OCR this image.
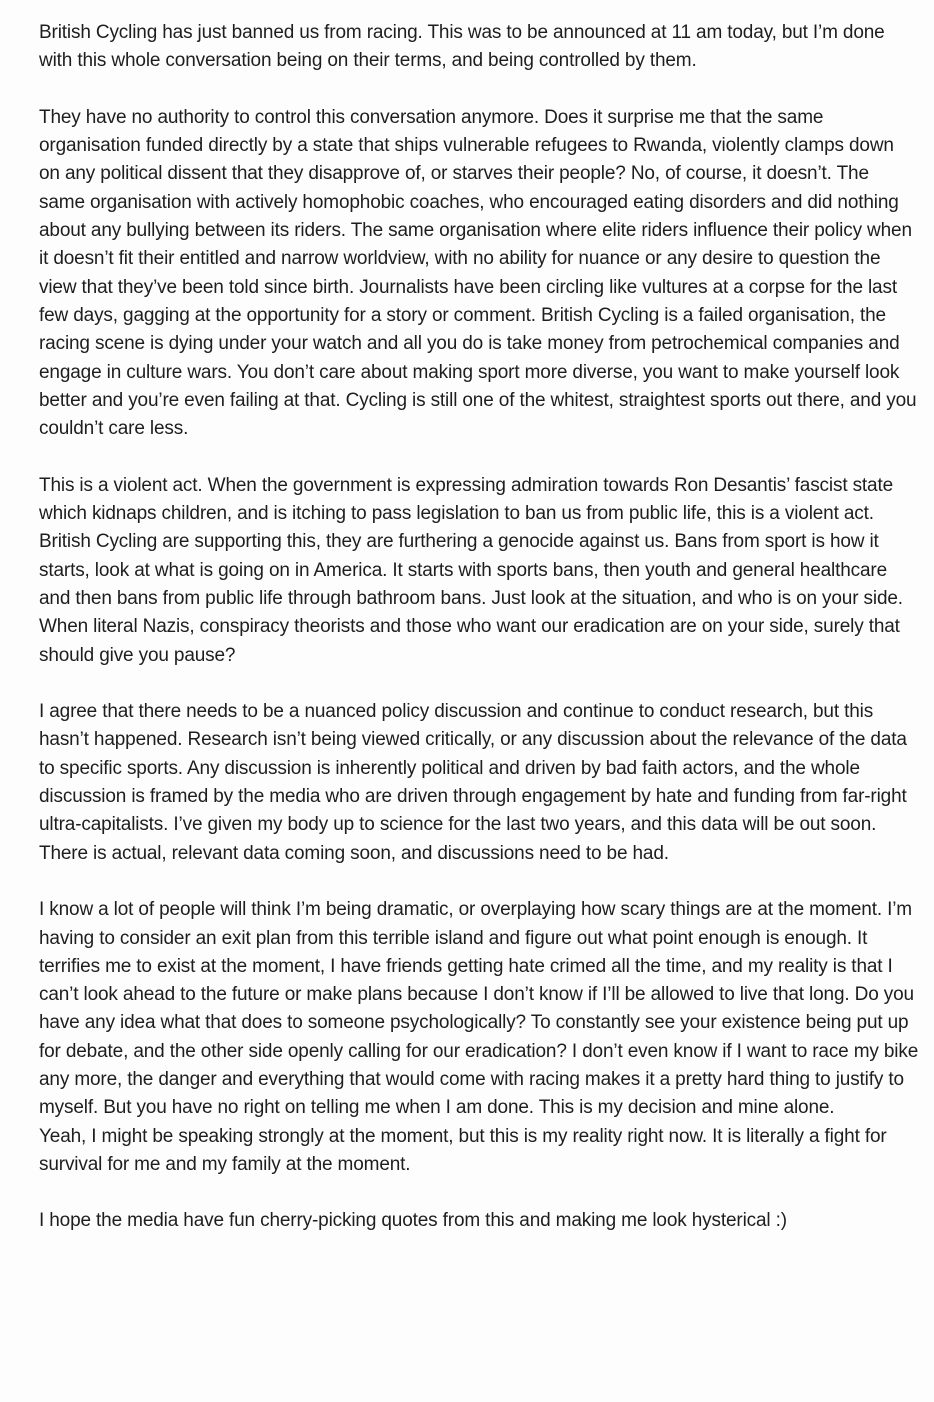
British Cycling has just banned us from racing. This was to be announced at 11 am today, but I’m done with this whole conversation being on their terms, and being controlled by them.

They have no authority to control this conversation anymore. Does it surprise me that the same organisation funded directly by a state that ships vulnerable refugees to Rwanda, violently clamps down on any political dissent that they disapprove of, or starves their people? No, of course, it doesn’t. The same organisation with actively homophobic coaches, who encouraged eating disorders and did nothing about any bullying between its riders. The same organisation where elite riders influence their policy when it doesn’t fit their entitled and narrow worldview, with no ability for nuance or any desire to question the view that they’ve been told since birth. Journalists have been circling like vultures at a corpse for the last few days, gagging at the opportunity for a story or comment. British Cycling is a failed organisation, the racing scene is dying under your watch and all you do is take money from petrochemical companies and engage in culture wars. You don’t care about making sport more diverse, you want to make yourself look better and you’re even failing at that. Cycling is still one of the whitest, straightest sports out there, and you couldn’t care less.

This is a violent act. When the government is expressing admiration towards Ron Desantis’ fascist state which kidnaps children, and is itching to pass legislation to ban us from public life, this is a violent act. British Cycling are supporting this, they are furthering a genocide against us. Bans from sport is how it starts, look at what is going on in America. It starts with sports bans, then youth and general healthcare and then bans from public life through bathroom bans. Just look at the situation, and who is on your side. When literal Nazis, conspiracy theorists and those who want our eradication are on your side, surely that should give you pause?

I agree that there needs to be a nuanced policy discussion and continue to conduct research, but this hasn’t happened. Research isn’t being viewed critically, or any discussion about the relevance of the data to specific sports. Any discussion is inherently political and driven by bad faith actors, and the whole discussion is framed by the media who are driven through engagement by hate and funding from far-right ultra-capitalists. I’ve given my body up to science for the last two years, and this data will be out soon. There is actual, relevant data coming soon, and discussions need to be had.

I know a lot of people will think I’m being dramatic, or overplaying how scary things are at the moment. I’m having to consider an exit plan from this terrible island and figure out what point enough is enough. It terrifies me to exist at the moment, I have friends getting hate crimed all the time, and my reality is that I can’t look ahead to the future or make plans because I don’t know if I’ll be allowed to live that long. Do you have any idea what that does to someone psychologically? To constantly see your existence being put up for debate, and the other side openly calling for our eradication? I don’t even know if I want to race my bike any more, the danger and everything that would come with racing makes it a pretty hard thing to justify to myself. But you have no right on telling me when I am done. This is my decision and mine alone.

Yeah, I might be speaking strongly at the moment, but this is my reality right now. It is literally a fight for survival for me and my family at the moment.

I hope the media have fun cherry-picking quotes from this and making me look hysterical :)
